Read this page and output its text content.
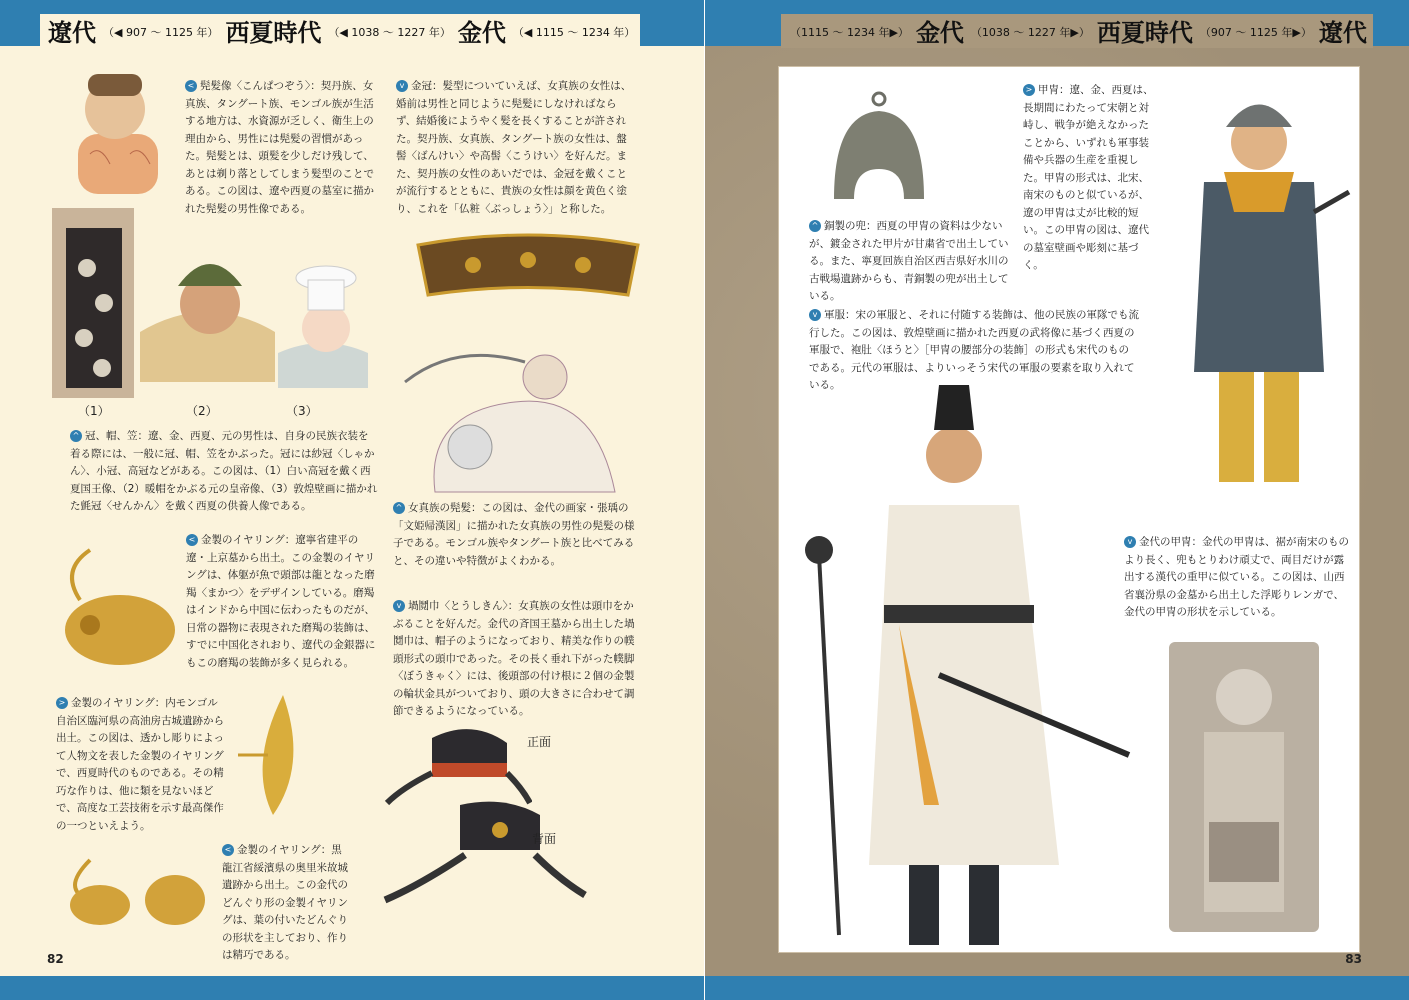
遼代 （◀ 907 ～ 1125 年） 西夏時代 （◀ 1038 ～ 1227 年） 金代 （◀ 1115 ～ 1234 年）
（1）	（2）	（3）
正面
背面
< 髡髪像〈こんぱつぞう〉：契丹族、女真族、タングート族、モンゴル族が生活する地方は、水資源が乏しく、衛生上の理由から、男性には髡髪の習慣があった。髡髪とは、頭髪を少しだけ残して、あとは剃り落としてしまう髪型のことである。この図は、遼や西夏の墓室に描かれた髡髪の男性像である。
v 金冠：髪型についていえば、女真族の女性は、婚前は男性と同じように髡髪にしなければならず、結婚後にようやく髪を長くすることが許された。契丹族、女真族、タングート族の女性は、盤髻〈ばんけい〉や高髻〈こうけい〉を好んだ。また、契丹族の女性のあいだでは、金冠を戴くことが流行するとともに、貴族の女性は顔を黄色く塗り、これを「仏粧〈ぶっしょう〉」と称した。
^ 冠、帽、笠：遼、金、西夏、元の男性は、自身の民族衣装を着る際には、一般に冠、帽、笠をかぶった。冠には紗冠〈しゃかん〉、小冠、高冠などがある。この図は、（1）白い高冠を戴く西夏国王像、（2）暖帽をかぶる元の皇帝像、（3）敦煌壁画に描かれた氈冠〈せんかん〉を戴く西夏の供養人像である。	^ 女真族の髡髪：この図は、金代の画家・張瑀の「文姫帰漢図」に描かれた女真族の男性の髡髪の様子である。モンゴル族やタングート族と比べてみると、その違いや特徴がよくわかる。
< 金製のイヤリング：遼寧省建平の遼・上京墓から出土。この金製のイヤリングは、体躯が魚で頭部は龍となった磨羯〈まかつ〉をデザインしている。磨羯はインドから中国に伝わったものだが、日常の器物に表現された磨羯の装飾は、すでに中国化されおり、遼代の金銀器にもこの磨羯の装飾が多く見られる。
v 堝鬩巾〈とうしきん〉：女真族の女性は頭巾をかぶることを好んだ。金代の斉国王墓から出土した堝鬩巾は、帽子のようになっており、精美な作りの幞頭形式の頭巾であった。その長く垂れ下がった幞脚〈ぼうきゃく〉には、後頭部の付け根に２個の金製の輪状金具がついており、頭の大きさに合わせて調節できるようになっている。
> 金製のイヤリング：内モンゴル自治区臨河県の高油房古城遺跡から出土。この図は、透かし彫りによって人物文を表した金製のイヤリングで、西夏時代のものである。その精巧な作りは、他に類を見ないほどで、高度な工芸技術を示す最高傑作の一つといえよう。
< 金製のイヤリング：黒龍江省綏濱県の奥里米故城遺跡から出土。この金代のどんぐり形の金製イヤリングは、葉の付いたどんぐりの形状を主しており、作りは精巧である。
82
（1115 ～ 1234 年▶） 金代 （1038 ～ 1227 年▶） 西夏時代 （907 ～ 1125 年▶） 遼代
> 甲冑：遼、金、西夏は、長期間にわたって宋朝と対峙し、戦争が絶えなかったことから、いずれも軍事装備や兵器の生産を重視した。甲冑の形式は、北宋、南宋のものと似ているが、遼の甲冑は丈が比較的短い。この甲冑の図は、遼代の墓室壁画や彫刻に基づく。
^ 銅製の兜：西夏の甲冑の資料は少ないが、鍍金された甲片が甘粛省で出土している。また、寧夏回族自治区西吉県好水川の古戦場遺跡からも、青銅製の兜が出土している。
v 軍服：宋の軍服と、それに付随する装飾は、他の民族の軍隊でも流行した。この図は、敦煌壁画に描かれた西夏の武将像に基づく西夏の軍服で、袍肚〈ほうと〉［甲冑の腰部分の装飾］の形式も宋代のものである。元代の軍服は、よりいっそう宋代の軍服の要素を取り入れている。
v 金代の甲冑：金代の甲冑は、裾が南宋のものより長く、兜もとりわけ頑丈で、両目だけが露出する漢代の重甲に似ている。この図は、山西省襄汾県の金墓から出土した浮彫りレンガで、金代の甲冑の形状を示している。
83
